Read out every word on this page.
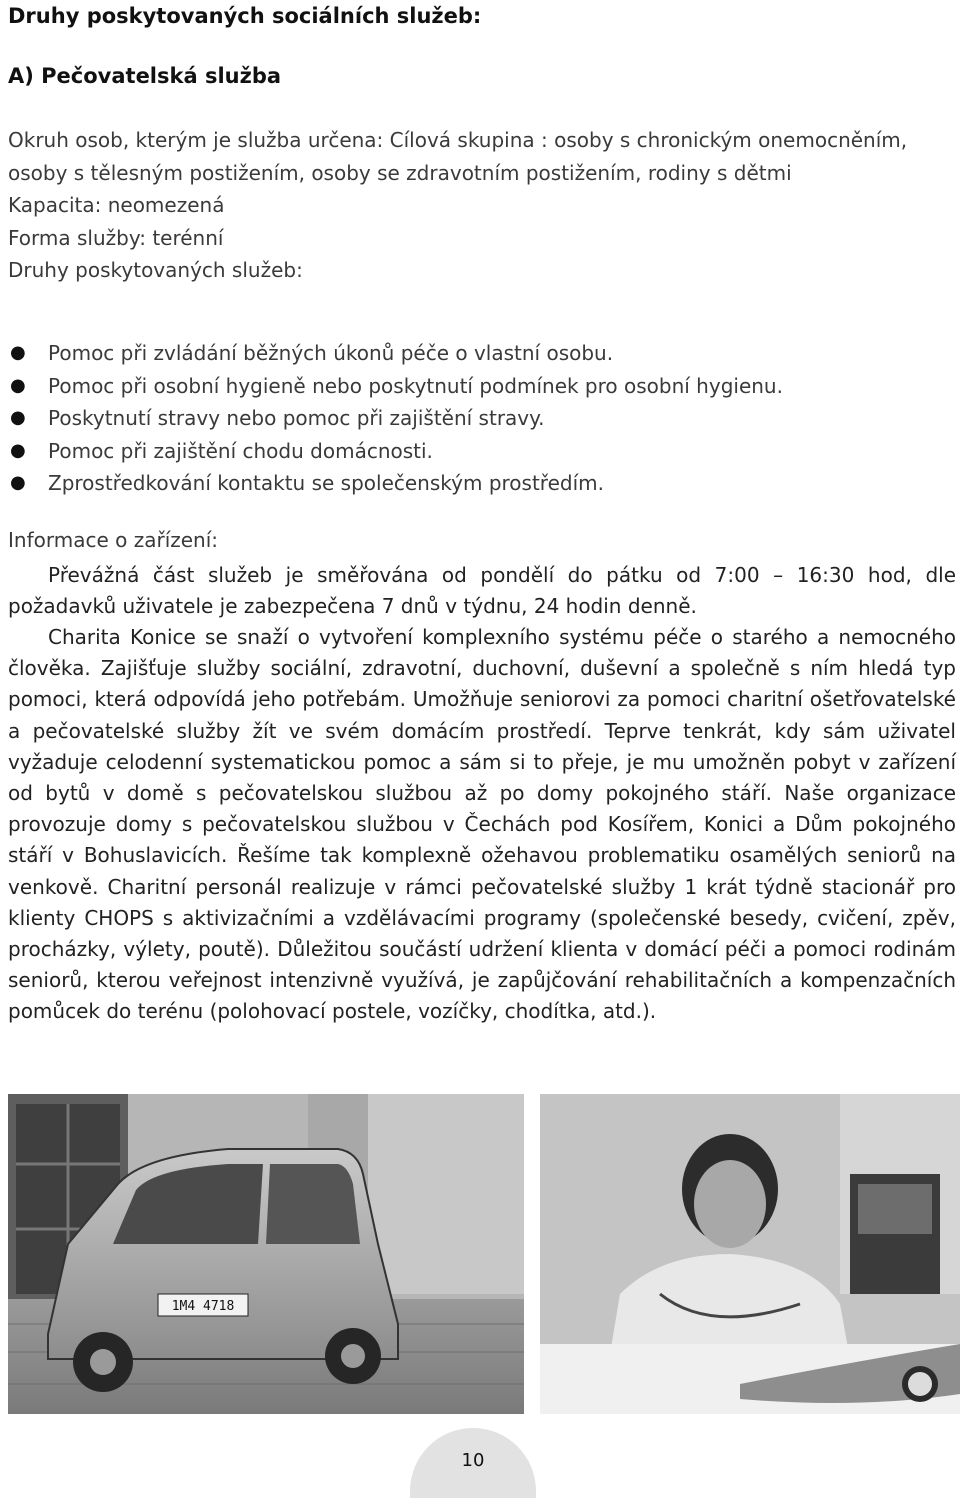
Druhy poskytovaných sociálních služeb:
A) Pečovatelská služba
Okruh osob, kterým je služba určena: Cílová skupina : osoby s chronickým onemocněním, osoby s tělesným postižením, osoby se zdravotním postižením, rodiny s dětmi
Kapacita: neomezená
Forma služby: terénní
Druhy poskytovaných služeb:
● Pomoc při zvládání běžných úkonů péče o vlastní osobu.
● Pomoc při osobní hygieně nebo poskytnutí podmínek pro osobní hygienu.
● Poskytnutí stravy nebo pomoc při zajištění stravy.
● Pomoc při zajištění chodu domácnosti.
● Zprostředkování kontaktu se společenským prostředím.
Informace o zařízení:

Převážná část služeb je směřována od pondělí do pátku od 7:00 – 16:30 hod, dle požadavků uživatele je zabezpečena 7 dnů v týdnu, 24 hodin denně.

Charita Konice se snaží o vytvoření komplexního systému péče o starého a nemocného člověka. Zajišťuje služby sociální, zdravotní, duchovní, duševní a společně s ním hledá typ pomoci, která odpovídá jeho potřebám. Umožňuje seniorovi za pomoci charitní ošetřovatelské a pečovatelské služby žít ve svém domácím prostředí. Teprve tenkrát, kdy sám uživatel vyžaduje celodenní systematickou pomoc a sám si to přeje, je mu umožněn pobyt v zařízení od bytů v domě s pečovatelskou službou až po domy pokojného stáří. Naše organizace provozuje domy s pečovatelskou službou v Čechách pod Kosířem, Konici a Dům pokojného stáří v Bohuslavicích. Řešíme tak komplexně ožehavou problematiku osamělých seniorů na venkově. Charitní personál realizuje v rámci pečovatelské služby 1 krát týdně stacionář pro klienty CHOPS s aktivizačními a vzdělávacími programy (společenské besedy, cvičení, zpěv, procházky, výlety, poutě). Důležitou součástí udržení klienta v domácí péči a pomoci rodinám seniorů, kterou veřejnost intenzivně využívá, je zapůjčování rehabilitačních a kompenzačních pomůcek do terénu (polohovací postele, vozíčky, chodítka, atd.).

1M4 4718
10
